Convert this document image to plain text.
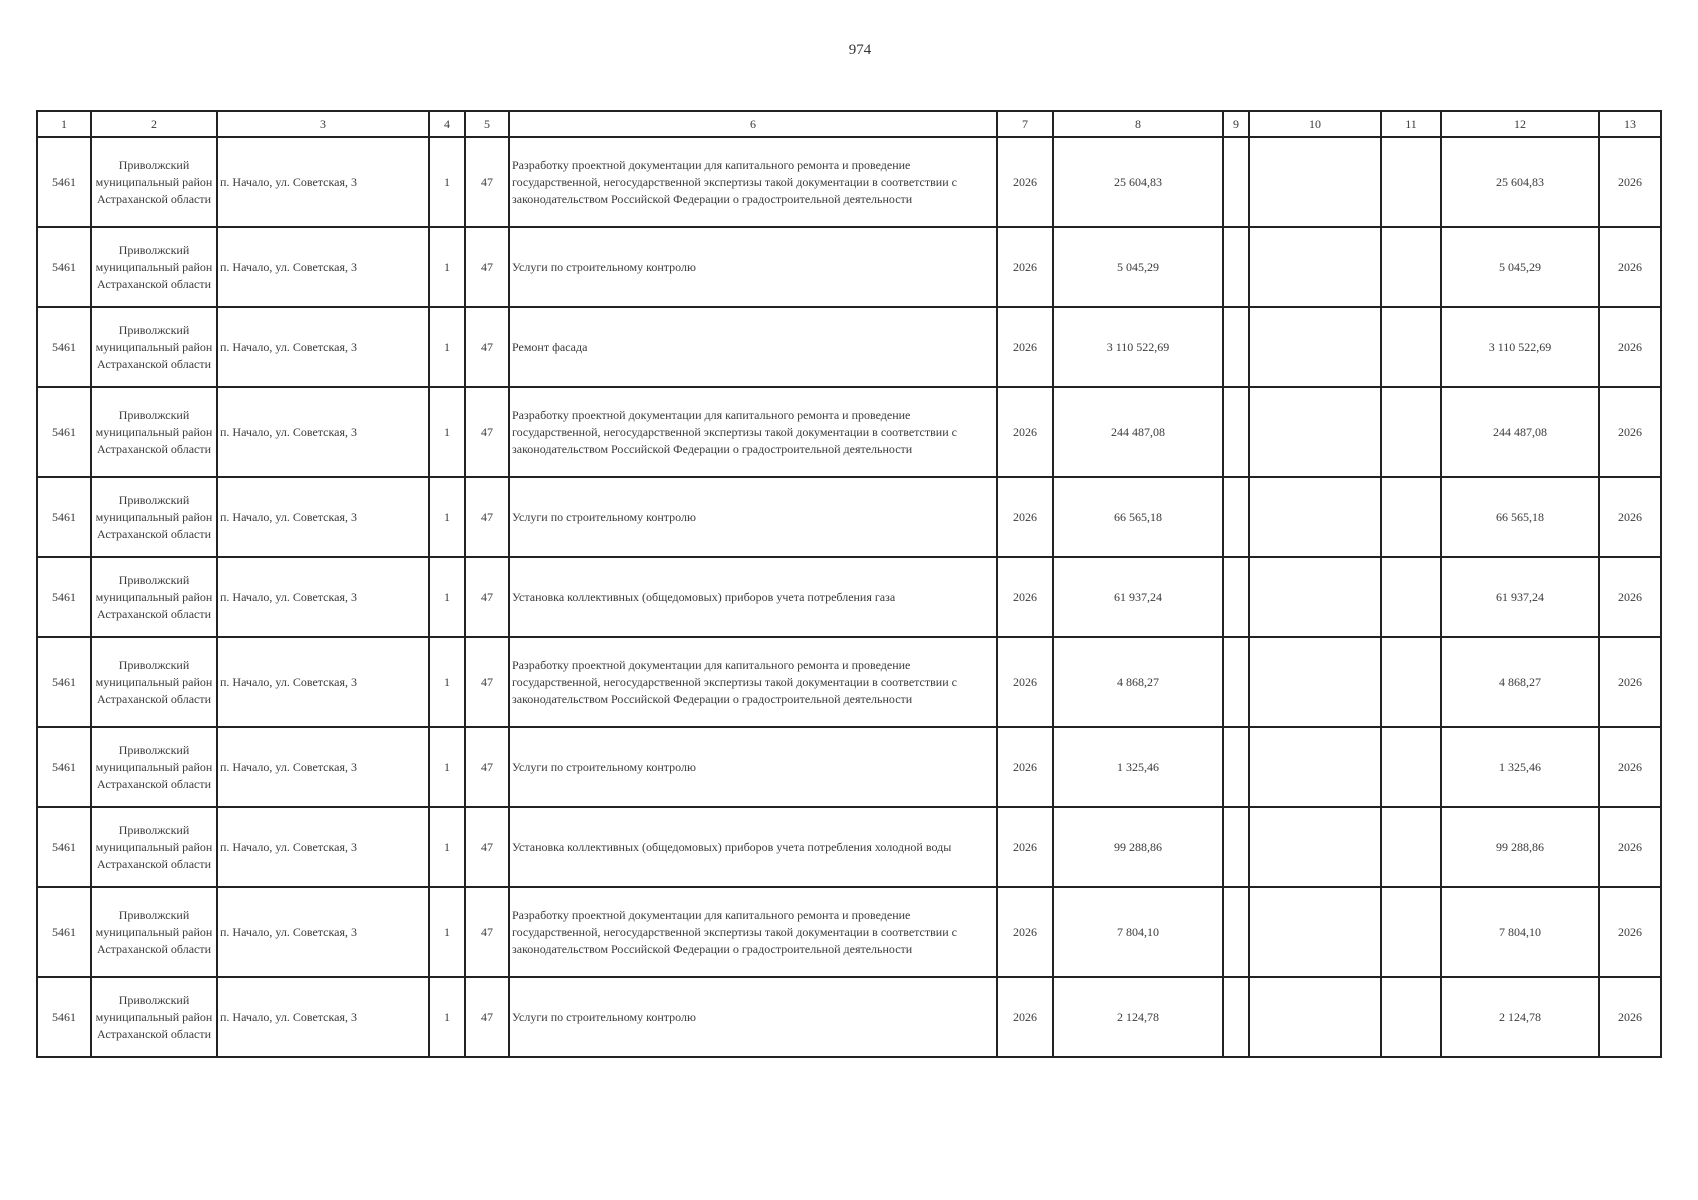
974
1	2	3	4	5	6	7	8	9	10	11	12	13
5461	Приволжский муниципальный район Астраханской области	п. Начало, ул. Советская, 3	1	47	Разработку проектной документации для капитального ремонта и проведение государственной, негосударственной экспертизы такой документации в соответствии с законодательством Российской Федерации о градостроительной деятельности	2026	25 604,83				25 604,83	2026
5461	Приволжский муниципальный район Астраханской области	п. Начало, ул. Советская, 3	1	47	Услуги по строительному контролю	2026	5 045,29				5 045,29	2026
5461	Приволжский муниципальный район Астраханской области	п. Начало, ул. Советская, 3	1	47	Ремонт фасада	2026	3 110 522,69				3 110 522,69	2026
5461	Приволжский муниципальный район Астраханской области	п. Начало, ул. Советская, 3	1	47	Разработку проектной документации для капитального ремонта и проведение государственной, негосударственной экспертизы такой документации в соответствии с законодательством Российской Федерации о градостроительной деятельности	2026	244 487,08				244 487,08	2026
5461	Приволжский муниципальный район Астраханской области	п. Начало, ул. Советская, 3	1	47	Услуги по строительному контролю	2026	66 565,18				66 565,18	2026
5461	Приволжский муниципальный район Астраханской области	п. Начало, ул. Советская, 3	1	47	Установка коллективных (общедомовых) приборов учета потребления газа	2026	61 937,24				61 937,24	2026
5461	Приволжский муниципальный район Астраханской области	п. Начало, ул. Советская, 3	1	47	Разработку проектной документации для капитального ремонта и проведение государственной, негосударственной экспертизы такой документации в соответствии с законодательством Российской Федерации о градостроительной деятельности	2026	4 868,27				4 868,27	2026
5461	Приволжский муниципальный район Астраханской области	п. Начало, ул. Советская, 3	1	47	Услуги по строительному контролю	2026	1 325,46				1 325,46	2026
5461	Приволжский муниципальный район Астраханской области	п. Начало, ул. Советская, 3	1	47	Установка коллективных (общедомовых) приборов учета потребления холодной воды	2026	99 288,86				99 288,86	2026
5461	Приволжский муниципальный район Астраханской области	п. Начало, ул. Советская, 3	1	47	Разработку проектной документации для капитального ремонта и проведение государственной, негосударственной экспертизы такой документации в соответствии с законодательством Российской Федерации о градостроительной деятельности	2026	7 804,10				7 804,10	2026
5461	Приволжский муниципальный район Астраханской области	п. Начало, ул. Советская, 3	1	47	Услуги по строительному контролю	2026	2 124,78				2 124,78	2026
